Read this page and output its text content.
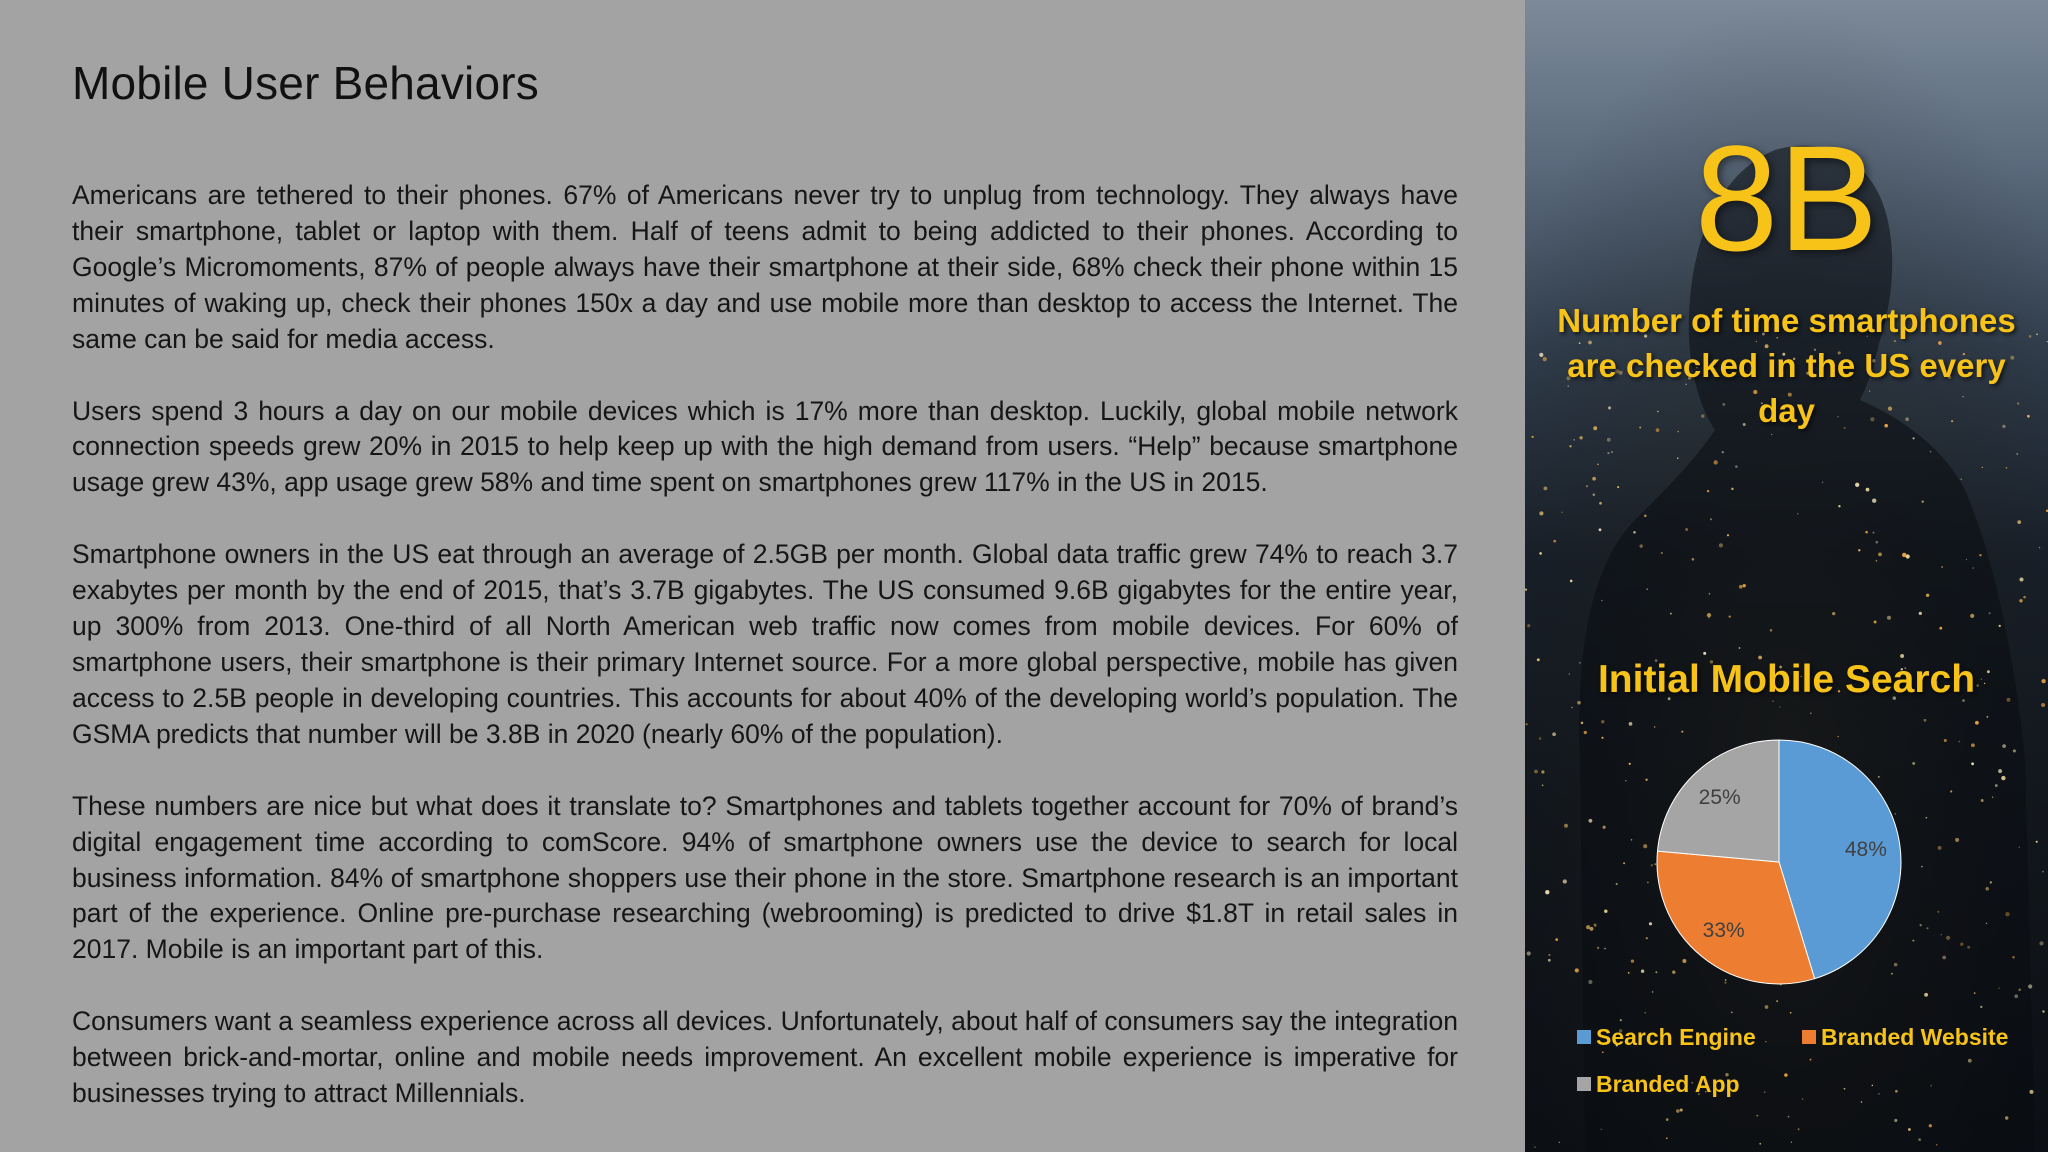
Mobile User Behaviors

Americans are tethered to their phones. 67% of Americans never try to unplug from technology. They always have their smartphone, tablet or laptop with them. Half of teens admit to being addicted to their phones. According to Google’s Micromoments, 87% of people always have their smartphone at their side, 68% check their phone within 15 minutes of waking up, check their phones 150x a day and use mobile more than desktop to access the Internet. The same can be said for media access.

Users spend 3 hours a day on our mobile devices which is 17% more than desktop. Luckily, global mobile network connection speeds grew 20% in 2015 to help keep up with the high demand from users. “Help” because smartphone usage grew 43%, app usage grew 58% and time spent on smartphones grew 117% in the US in 2015.

Smartphone owners in the US eat through an average of 2.5GB per month. Global data traffic grew 74% to reach 3.7 exabytes per month by the end of 2015, that’s 3.7B gigabytes. The US consumed 9.6B gigabytes for the entire year, up 300% from 2013. One-third of all North American web traffic now comes from mobile devices. For 60% of smartphone users, their smartphone is their primary Internet source. For a more global perspective, mobile has given access to 2.5B people in developing countries. This accounts for about 40% of the developing world’s population. The GSMA predicts that number will be 3.8B in 2020 (nearly 60% of the population).

These numbers are nice but what does it translate to? Smartphones and tablets together account for 70% of brand’s digital engagement time according to comScore. 94% of smartphone owners use the device to search for local business information. 84% of smartphone shoppers use their phone in the store. Smartphone research is an important part of the experience. Online pre-purchase researching (webrooming) is predicted to drive $1.8T in retail sales in 2017. Mobile is an important part of this.

Consumers want a seamless experience across all devices. Unfortunately, about half of consumers say the integration between brick-and-mortar, online and mobile needs improvement. An excellent mobile experience is imperative for businesses trying to attract Millennials.

8B
Number of time smartphones are checked in the US every day
Initial Mobile Search
48%
33%
25%
Search Engine	Branded Website
Branded App
